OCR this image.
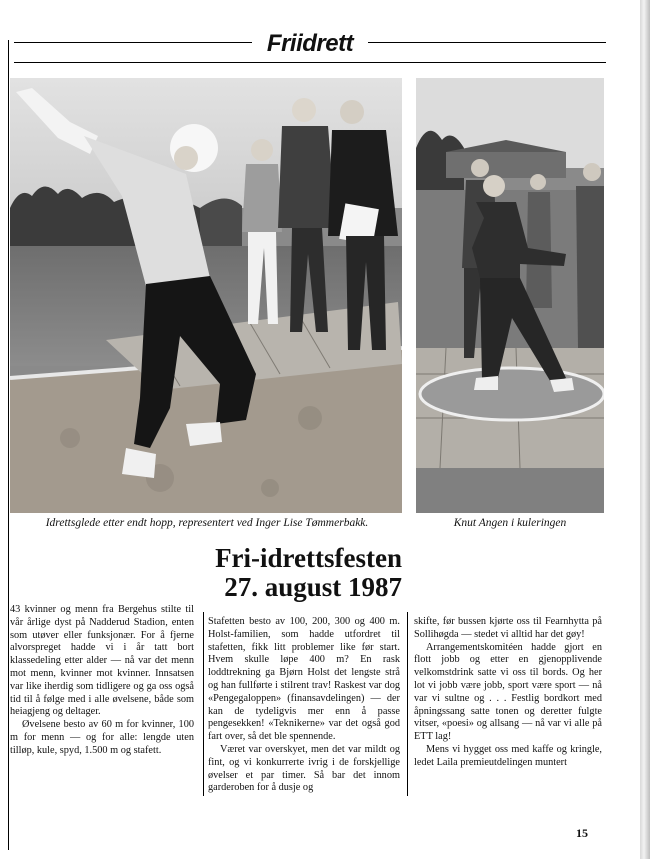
Friidrett
Idrettsglede etter endt hopp, representert ved Inger Lise Tømmerbakk.	Knut Angen i kuleringen
Fri-idrettsfesten
27. august 1987

43 kvinner og menn fra Bergehus stilte til vår årlige dyst på Nadderud Stadion, enten som utøver eller funksjonær. For å fjerne alvorspreget hadde vi i år tatt bort klassedeling etter alder — nå var det menn mot menn, kvinner mot kvinner. Innsatsen var like iherdig som tidligere og ga oss også tid til å følge med i alle øvelsene, både som heiagjeng og deltager.

Øvelsene besto av 60 m for kvinner, 100 m for menn — og for alle: lengde uten tilløp, kule, spyd, 1.500 m og stafett.

Stafetten besto av 100, 200, 300 og 400 m. Holst-familien, som hadde utfordret til stafetten, fikk litt problemer like før start. Hvem skulle løpe 400 m? En rask loddtrekning ga Bjørn Holst det lengste strå og han fullførte i stilrent trav! Raskest var dog «Pengegaloppen» (finansavdelingen) — der kan de tydeligvis mer enn å passe pengesekken! «Teknikerne» var det også god fart over, så det ble spennende.

Været var overskyet, men det var mildt og fint, og vi konkurrerte ivrig i de forskjellige øvelser et par timer. Så bar det innom garderoben for å dusje og

skifte, før bussen kjørte oss til Fearnhytta på Sollihøgda — stedet vi alltid har det gøy!

Arrangementskomitéen hadde gjort en flott jobb og etter en gjenopplivende velkomstdrink satte vi oss til bords. Og her lot vi jobb være jobb, sport være sport — nå var vi sultne og . . . Festlig bordkort med åpningssang satte tonen og deretter fulgte vitser, «poesi» og allsang — nå var vi alle på ETT lag!

Mens vi hygget oss med kaffe og kringle, ledet Laila premieutdelingen muntert

15
